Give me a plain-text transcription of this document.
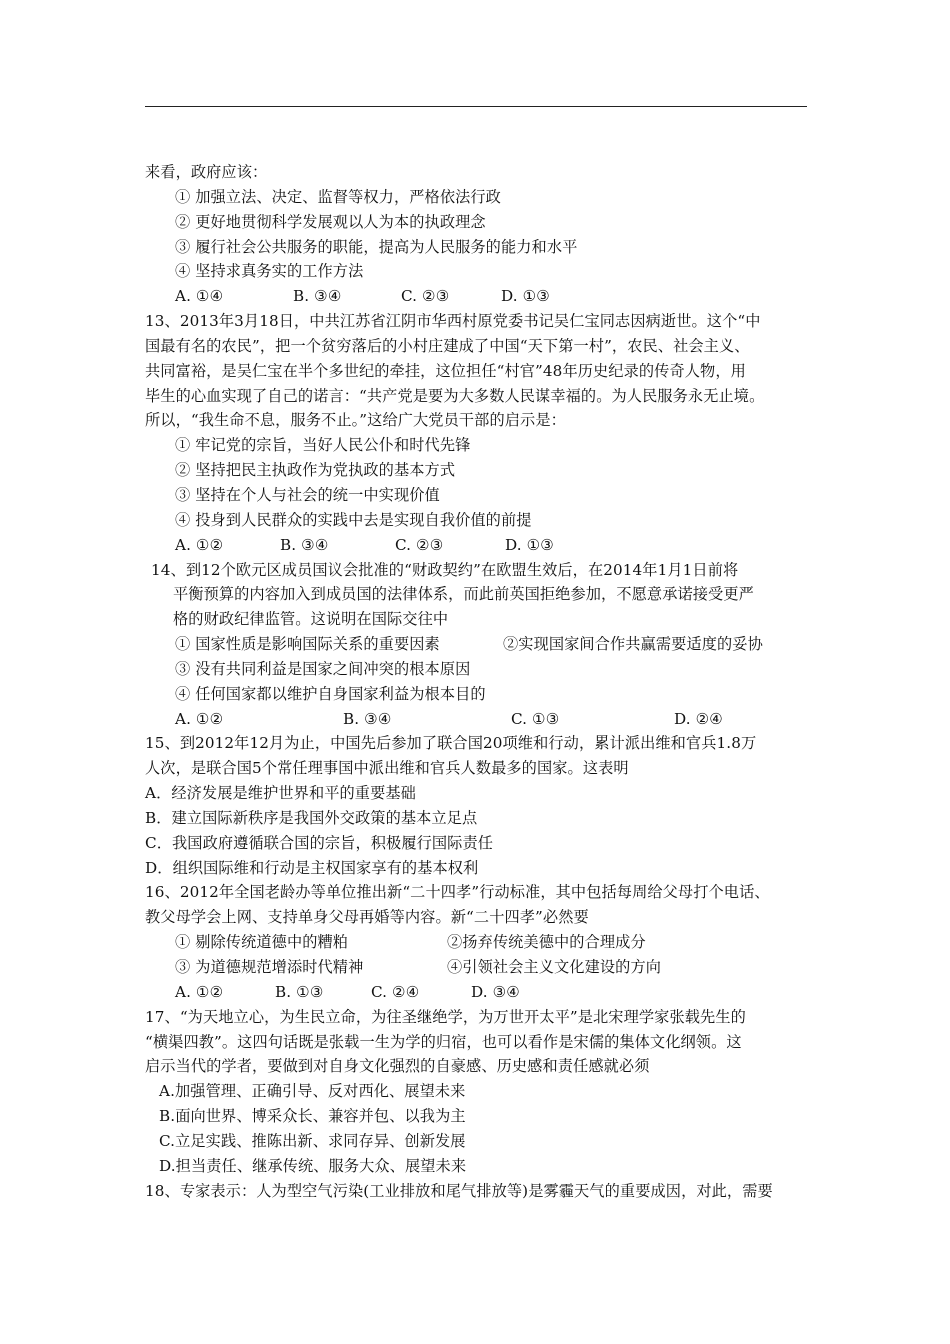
来看，政府应该：
① 加强立法、决定、监督等权力，严格依法行政
② 更好地贯彻科学发展观以人为本的执政理念
③ 履行社会公共服务的职能，提高为人民服务的能力和水平
④ 坚持求真务实的工作方法
A. ①④	B. ③④	C. ②③	D. ①③
13、2013年3月18日，中共江苏省江阴市华西村原党委书记吴仁宝同志因病逝世。这个“中
国最有名的农民”，把一个贫穷落后的小村庄建成了中国“天下第一村”，农民、社会主义、
共同富裕，是吴仁宝在半个多世纪的牵挂，这位担任“村官”48年历史纪录的传奇人物，用
毕生的心血实现了自己的诺言：“共产党是要为大多数人民谋幸福的。为人民服务永无止境。
所以，“我生命不息，服务不止。”这给广大党员干部的启示是：
① 牢记党的宗旨，当好人民公仆和时代先锋
② 坚持把民主执政作为党执政的基本方式
③ 坚持在个人与社会的统一中实现价值
④ 投身到人民群众的实践中去是实现自我价值的前提
A. ①②	B. ③④	C. ②③	D. ①③
14、到12个欧元区成员国议会批准的“财政契约”在欧盟生效后，在2014年1月1日前将
平衡预算的内容加入到成员国的法律体系，而此前英国拒绝参加，不愿意承诺接受更严
格的财政纪律监管。这说明在国际交往中
① 国家性质是影响国际关系的重要因素	②实现国家间合作共赢需要适度的妥协
③ 没有共同利益是国家之间冲突的根本原因
④ 任何国家都以维护自身国家利益为根本目的
A. ①②	B. ③④	C. ①③	D. ②④
15、到2012年12月为止，中国先后参加了联合国20项维和行动，累计派出维和官兵1.8万
人次，是联合国5个常任理事国中派出维和官兵人数最多的国家。这表明
A．经济发展是维护世界和平的重要基础
B．建立国际新秩序是我国外交政策的基本立足点
C．我国政府遵循联合国的宗旨，积极履行国际责任
D．组织国际维和行动是主权国家享有的基本权利
16、2012年全国老龄办等单位推出新“二十四孝”行动标准，其中包括每周给父母打个电话、
教父母学会上网、支持单身父母再婚等内容。新“二十四孝”必然要
① 剔除传统道德中的糟粕	②扬弃传统美德中的合理成分
③ 为道德规范增添时代精神	④引领社会主义文化建设的方向
A. ①②	B. ①③	C. ②④	D. ③④
17、“为天地立心，为生民立命，为往圣继绝学，为万世开太平”是北宋理学家张载先生的
“横渠四教”。这四句话既是张载一生为学的归宿，也可以看作是宋儒的集体文化纲领。这
启示当代的学者，要做到对自身文化强烈的自豪感、历史感和责任感就必须
A.加强管理、正确引导、反对西化、展望未来
B.面向世界、博采众长、兼容并包、以我为主
C.立足实践、推陈出新、求同存异、创新发展
D.担当责任、继承传统、服务大众、展望未来
18、专家表示：人为型空气污染(工业排放和尾气排放等)是雾霾天气的重要成因，对此，需要
